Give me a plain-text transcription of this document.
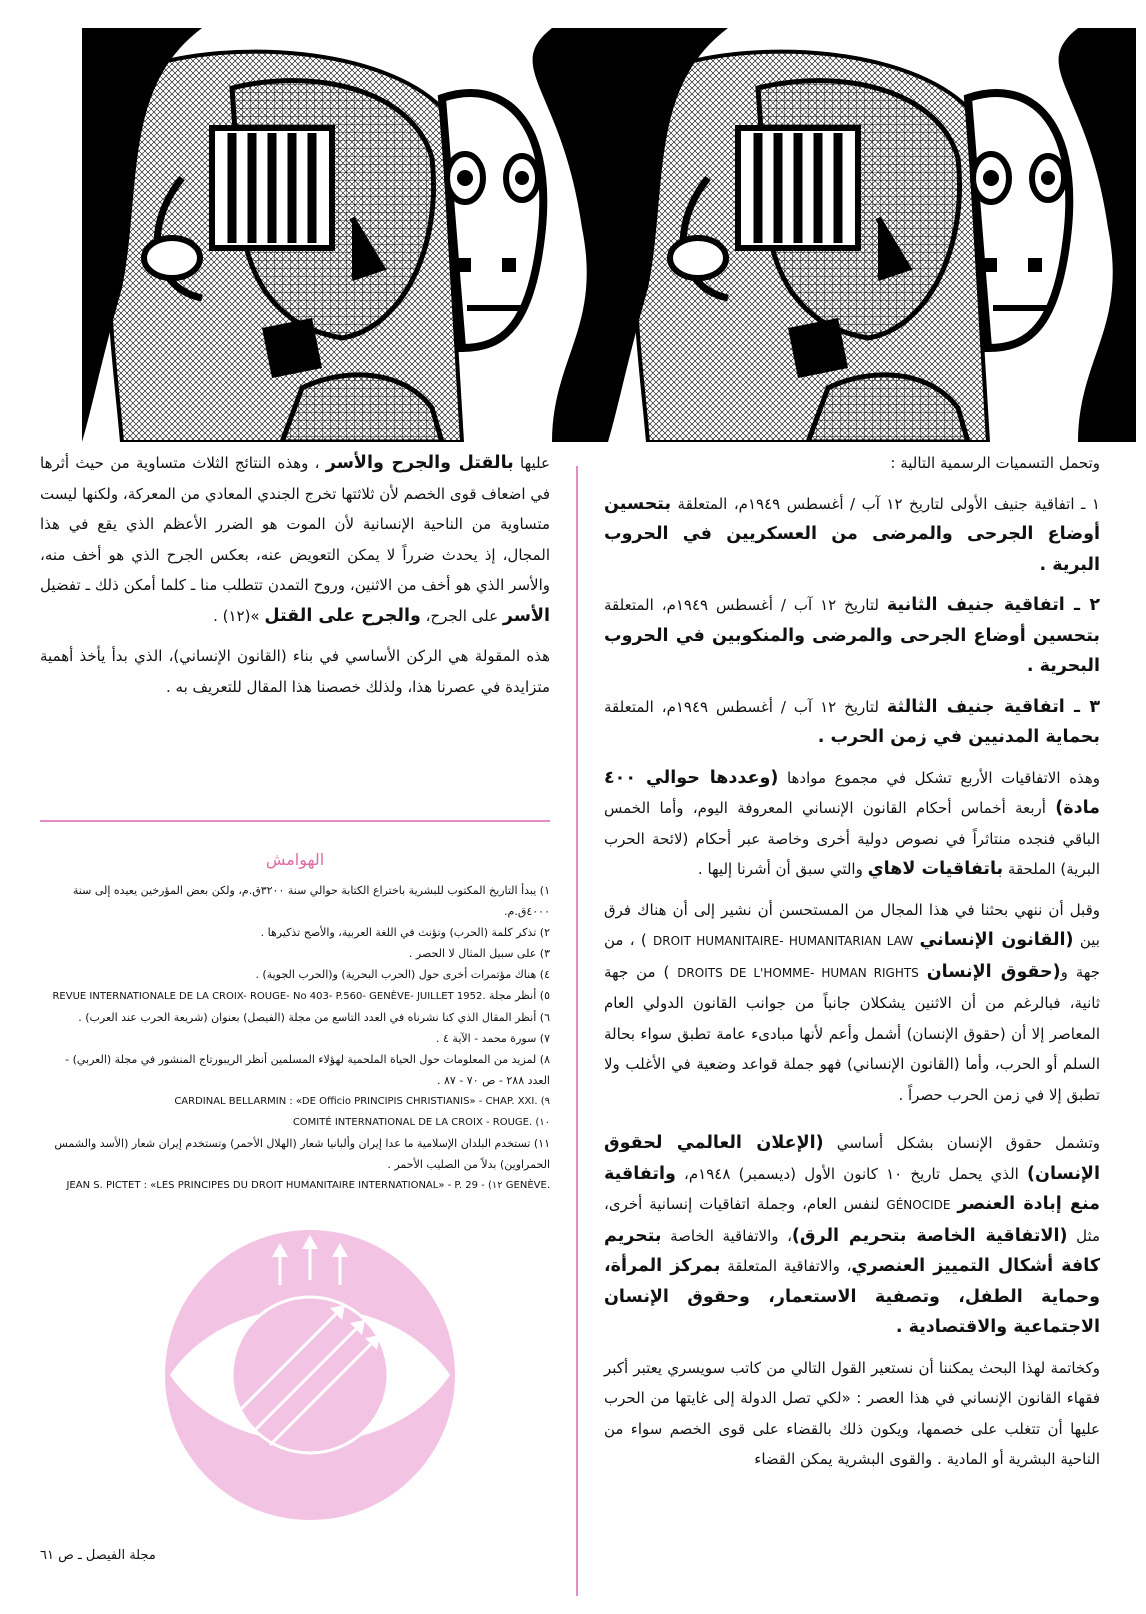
وتحمل التسميات الرسمية التالية :

١ ـ اتفاقية جنيف الأولى لتاريخ ١٢ آب / أغسطس ١٩٤٩م، المتعلقة بتحسين أوضاع الجرحى والمرضى من العسكريين في الحروب البرية .

٢ ـ اتفاقية جنيف الثانية لتاريخ ١٢ آب / أغسطس ١٩٤٩م، المتعلقة بتحسين أوضاع الجرحى والمرضى والمنكوبين في الحروب البحرية .

٣ ـ اتفاقية جنيف الثالثة لتاريخ ١٢ آب / أغسطس ١٩٤٩م، المتعلقة بحماية المدنيين في زمن الحرب .

وهذه الاتفاقيات الأربع تشكل في مجموع موادها (وعددها حوالي ٤٠٠ مادة) أربعة أخماس أحكام القانون الإنساني المعروفة اليوم، وأما الخمس الباقي فنجده منتاثراً في نصوص دولية أخرى وخاصة عبر أحكام (لائحة الحرب البرية) الملحقة باتفاقيات لاهاي والتي سبق أن أشرنا إليها .

وقبل أن ننهي بحثنا في هذا المجال من المستحسن أن نشير إلى أن هناك فرق بين (القانون الإنساني DROIT HUMANITAIRE- HUMANITARIAN LAW ) ، من جهة و(حقوق الإنسان DROITS DE L'HOMME- HUMAN RIGHTS ) من جهة ثانية، فبالرغم من أن الاثنين يشكلان جانباً من جوانب القانون الدولي العام المعاصر إلا أن (حقوق الإنسان) أشمل وأعم لأنها مبادىء عامة تطبق سواء بحالة السلم أو الحرب، وأما (القانون الإنساني) فهو جملة قواعد وضعية في الأغلب ولا تطبق إلا في زمن الحرب حصراً .

وتشمل حقوق الإنسان بشكل أساسي (الإعلان العالمي لحقوق الإنسان) الذي يحمل تاريخ ١٠ كانون الأول (ديسمبر) ١٩٤٨م، واتفاقية منع إبادة العنصر GÉNOCIDE لنفس العام، وجملة اتفاقيات إنسانية أخرى، مثل (الاتفاقية الخاصة بتحريم الرق)، والاتفاقية الخاصة بتحريم كافة أشكال التمييز العنصري، والاتفاقية المتعلقة بمركز المرأة، وحماية الطفل، وتصفية الاستعمار، وحقوق الإنسان الاجتماعية والاقتصادية .

وكخاتمة لهذا البحث يمكننا أن نستعير القول التالي من كاتب سويسري يعتبر أكبر فقهاء القانون الإنساني في هذا العصر : «لكي تصل الدولة إلى غايتها من الحرب عليها أن تتغلب على خصمها، ويكون ذلك بالقضاء على قوى الخصم سواء من الناحية البشرية أو المادية . والقوى البشرية يمكن القضاء

عليها بالقتل والجرح والأسر ، وهذه النتائج الثلاث متساوية من حيث أثرها في اضعاف قوى الخصم لأن ثلاثتها تخرج الجندي المعادي من المعركة، ولكنها ليست متساوية من الناحية الإنسانية لأن الموت هو الضرر الأعظم الذي يقع في هذا المجال، إذ يحدث ضرراً لا يمكن التعويض عنه، بعكس الجرح الذي هو أخف منه، والأسر الذي هو أخف من الاثنين، وروح التمدن تتطلب منا ـ كلما أمكن ذلك ـ تفضيل الأسر على الجرح، والجرح على القتل »(١٢) .

هذه المقولة هي الركن الأساسي في بناء (القانون الإنساني)، الذي بدأ يأخذ أهمية متزايدة في عصرنا هذا، ولذلك خصصنا هذا المقال للتعريف به .

الهوامش
١) يبدأ التاريخ المكتوب للبشرية باختراع الكتابة حوالي سنة ٣٢٠٠ق.م، ولكن بعض المؤرخين يعيده إلى سنة ٤٠٠٠ق.م.
٢) تذكر كلمة (الحرب) وتؤنث في اللغة العربية، والأصح تذكيرها .
٣) على سبيل المثال لا الحصر .
٤) هناك مؤتمرات أخرى حول (الحرب البحرية) و(الحرب الجوية) .
٥) أنظر مجلة REVUE INTERNATIONALE DE LA CROIX- ROUGE- No 403- P.560- GENÈVE- JUILLET 1952.
٦) أنظر المقال الذي كنا نشرناه في العدد التاسع من مجلة (الفيصل) بعنوان (شريعة الحرب عند العرب) .
٧) سورة محمد - الآية ٤ .
٨) لمزيد من المعلومات حول الحياة الملحمية لهؤلاء المسلمين أنظر الريبورتاج المنشور في مجلة (العربي) - العدد ٢٨٨ - ص ٧٠ - ٨٧ .
CARDINAL BELLARMIN : «DE Officio PRINCIPIS CHRISTIANIS» - CHAP. XXI. (٩
COMITÉ INTERNATIONAL DE LA CROIX - ROUGE. (١٠
١١) تستخدم البلدان الإسلامية ما عدا إيران وألبانيا شعار (الهلال الأحمر) وتستخدم إيران شعار (الأسد والشمس الحمراوين) بدلاً من الصليب الأحمر .
JEAN S. PICTET : «LES PRINCIPES DU DROIT HUMANITAIRE INTERNATIONAL» - P. 29 - (١٢ GENÈVE.
مجلة الفيصل ـ ص ٦١
